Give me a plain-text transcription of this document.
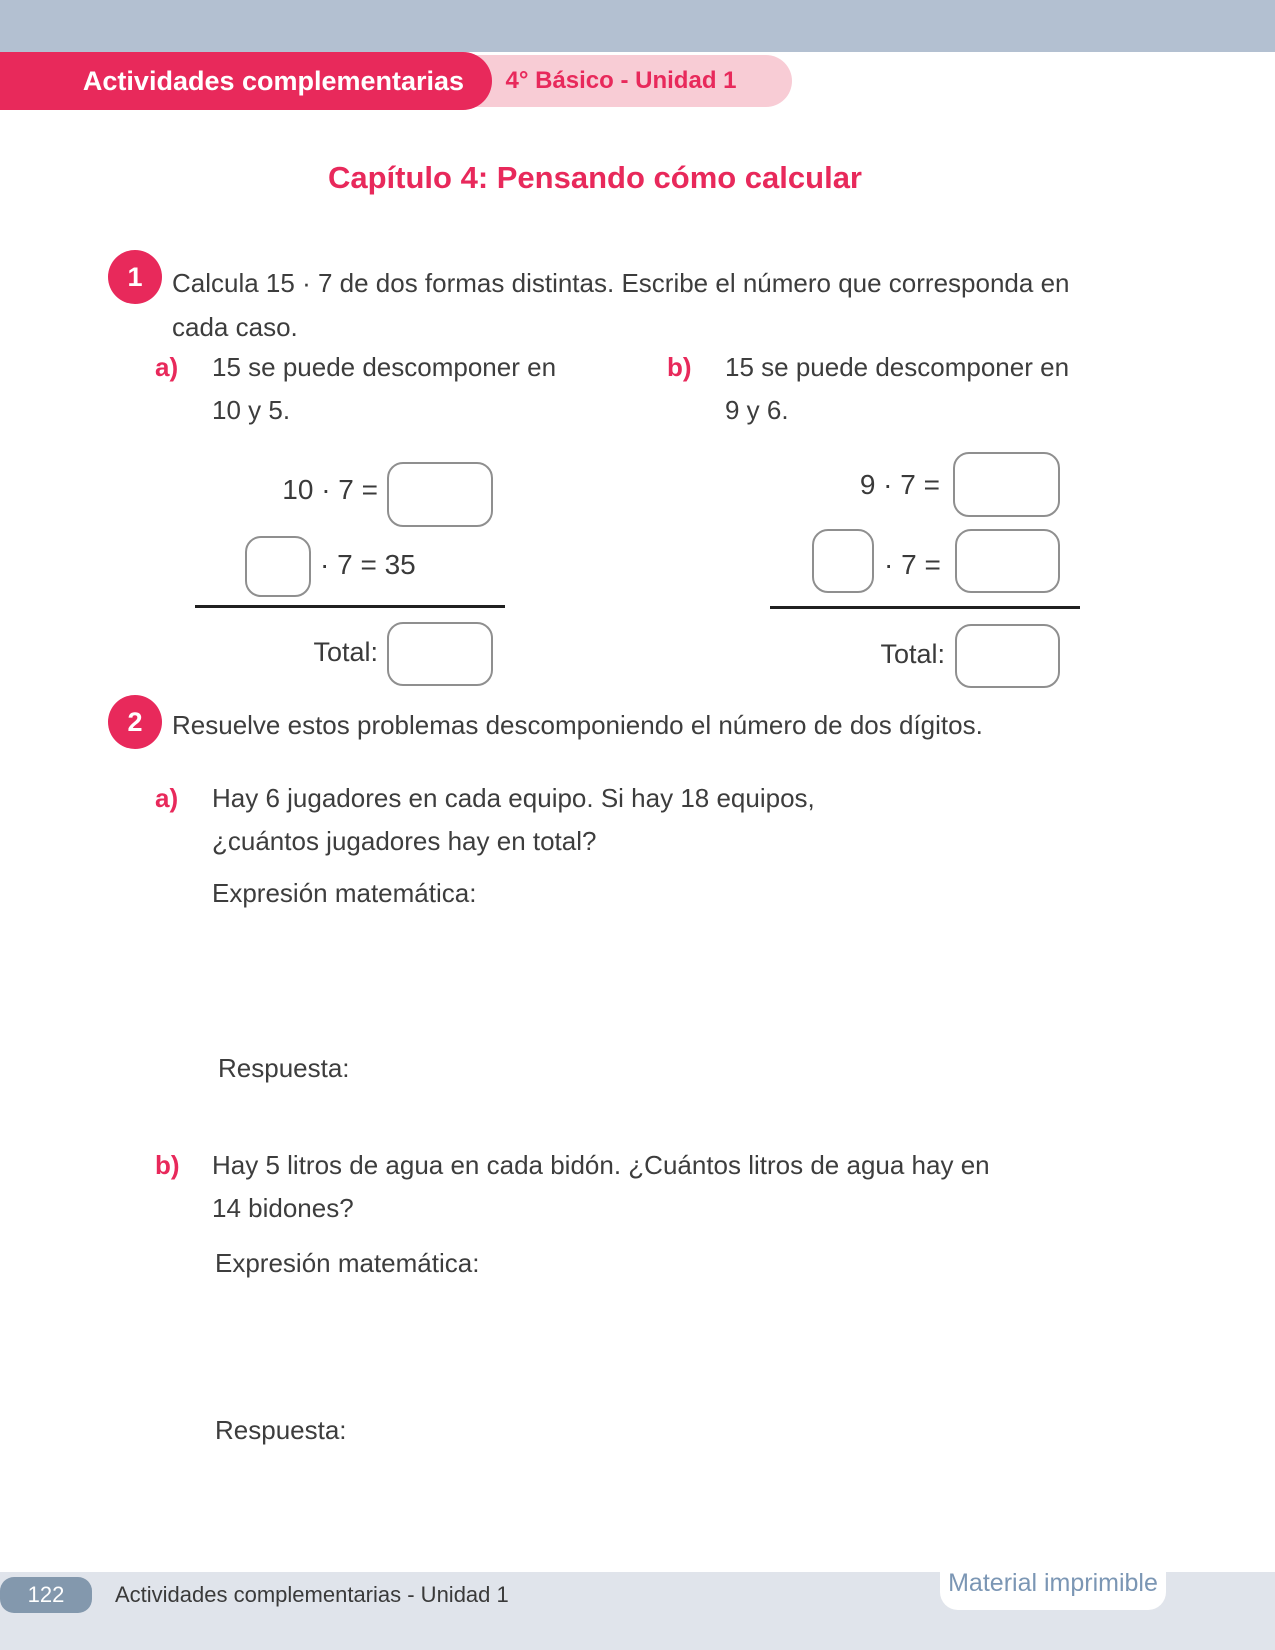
4° Básico - Unidad 1
Actividades complementarias
Capítulo 4: Pensando cómo calcular
1	Calcula 15 · 7 de dos formas distintas. Escribe el número que corresponda en
cada caso.
a) 15 se puede descomponer en
10 y 5.
10 · 7 =
· 7 = 35
Total:
b) 15 se puede descomponer en
9 y 6.
9 · 7 =
· 7 =
Total:
2	Resuelve estos problemas descomponiendo el número de dos dígitos.
a) Hay 6 jugadores en cada equipo. Si hay 18 equipos,
¿cuántos jugadores hay en total?
Expresión matemática:
Respuesta:
b) Hay 5 litros de agua en cada bidón. ¿Cuántos litros de agua hay en
14 bidones?
Expresión matemática:
Respuesta:
122	Actividades complementarias - Unidad 1	Material imprimible
